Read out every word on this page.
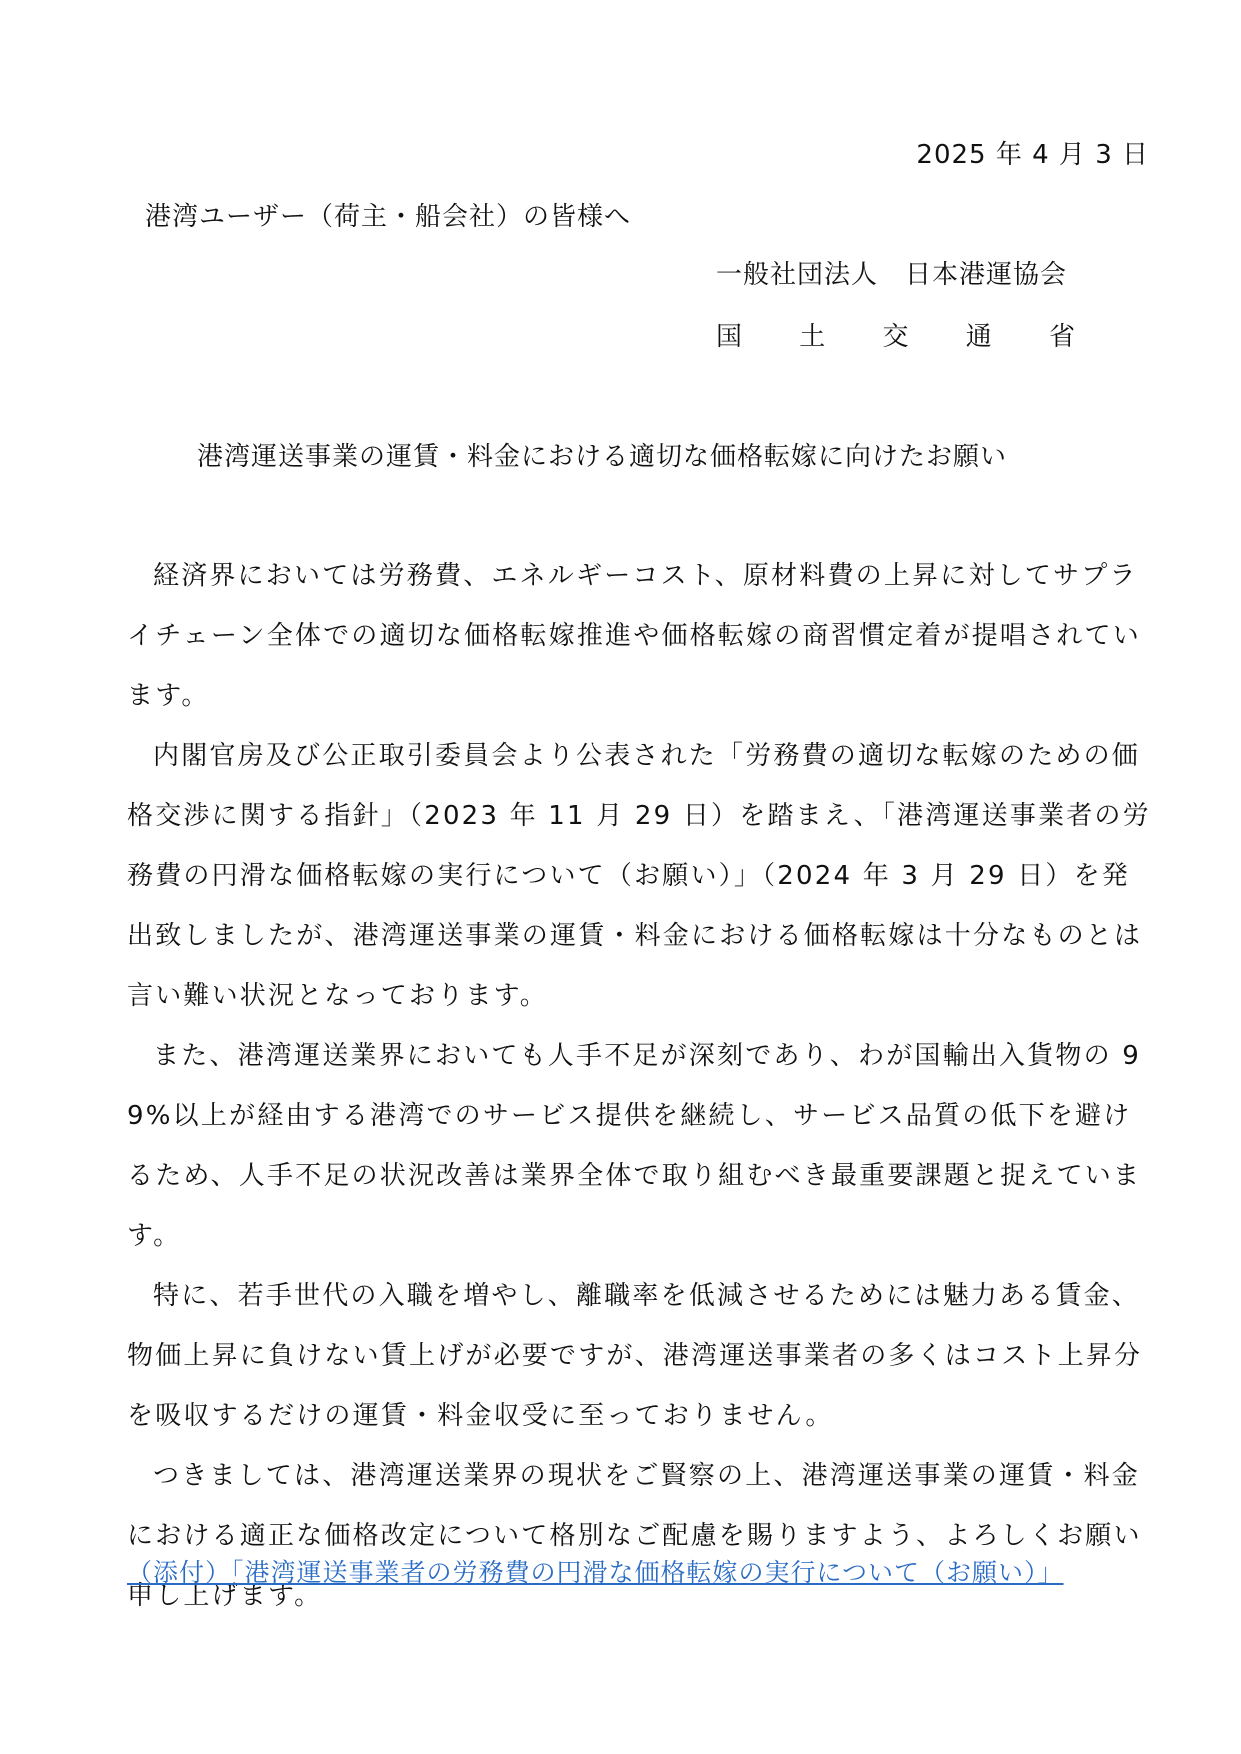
2025 年 4 月 3 日
港湾ユーザー（荷主・船会社）の皆様へ
一般社団法人　日本港運協会
国 土 交 通 省
港湾運送事業の運賃・料金における適切な価格転嫁に向けたお願い

経済界においては労務費、エネルギーコスト、原材料費の上昇に対してサプライチェーン全体での適切な価格転嫁推進や価格転嫁の商習慣定着が提唱されています。

内閣官房及び公正取引委員会より公表された「労務費の適切な転嫁のための価格交渉に関する指針」（2023 年 11 月 29 日）を踏まえ、「港湾運送事業者の労務費の円滑な価格転嫁の実行について（お願い）」（2024 年 3 月 29 日）を発出致しましたが、港湾運送事業の運賃・料金における価格転嫁は十分なものとは言い難い状況となっております。

また、港湾運送業界においても人手不足が深刻であり、わが国輸出入貨物の 99%以上が経由する港湾でのサービス提供を継続し、サービス品質の低下を避けるため、人手不足の状況改善は業界全体で取り組むべき最重要課題と捉えています。

特に、若手世代の入職を増やし、離職率を低減させるためには魅力ある賃金、物価上昇に負けない賃上げが必要ですが、港湾運送事業者の多くはコスト上昇分を吸収するだけの運賃・料金収受に至っておりません。

つきましては、港湾運送業界の現状をご賢察の上、港湾運送事業の運賃・料金における適正な価格改定について格別なご配慮を賜りますよう、よろしくお願い申し上げます。

（添付）「港湾運送事業者の労務費の円滑な価格転嫁の実行について（お願い）」
